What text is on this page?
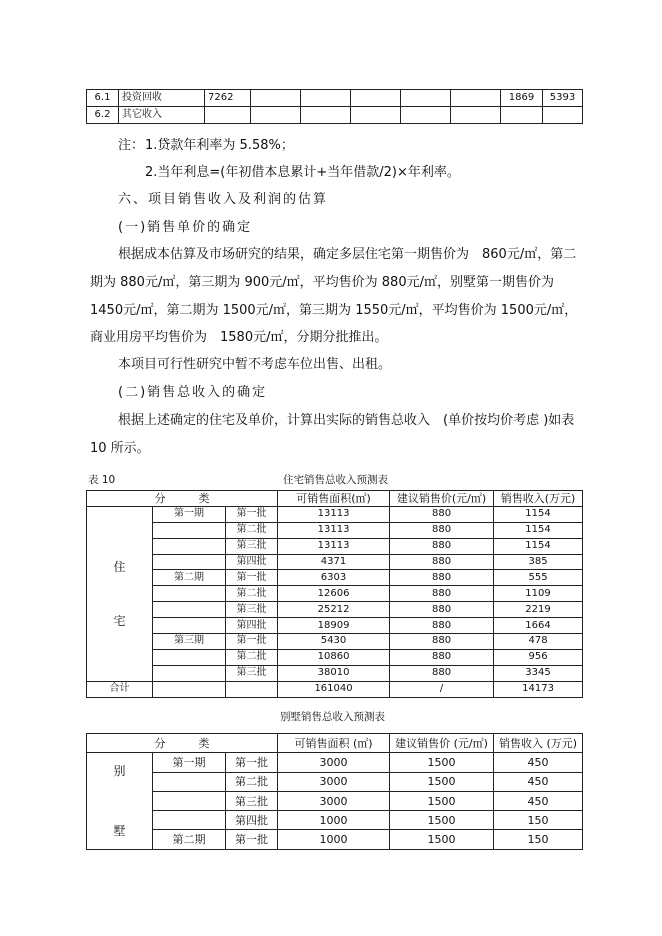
6.1	投资回收	7262						1869	5393
6.2	其它收入								
注： 1.贷款年利率为 5.58%；
2.当年利息=(年初借本息累计+当年借款/2)×年利率。
六、项目销售收入及利润的估算
(一)销售单价的确定
根据成本估算及市场研究的结果，确定多层住宅第一期售价为　860元/㎡，第二
期为 880元/㎡，第三期为 900元/㎡，平均售价为 880元/㎡，别墅第一期售价为
1450元/㎡，第二期为 1500元/㎡，第三期为 1550元/㎡，平均售价为 1500元/㎡，
商业用房平均售价为　1580元/㎡，分期分批推出。
本项目可行性研究中暂不考虑车位出售、出租。
(二)销售总收入的确定
根据上述确定的住宅及单价，计算出实际的销售总收入　(单价按均价考虑 )如表
10 所示。
表 10	住宅销售总收入预测表
分　　　类			可销售面积(㎡)	建议销售价(元/㎡)	销售收入(万元)

住
宅	第一期	第一批	13113	880	1154
		第二批	13113	880	1154
		第三批	13113	880	1154
		第四批	4371	880	385
	第二期	第一批	6303	880	555
		第二批	12606	880	1109
		第三批	25212	880	2219
		第四批	18909	880	1664
	第三期	第一批	5430	880	478
		第二批	10860	880	956
		第三批	38010	880	3345
合计			161040	/	14173
别墅销售总收入预测表
分　　　类			可销售面积 (㎡)	建议销售价 (元/㎡)	销售收入 (万元)

别
墅	第一期	第一批	3000	1500	450
		第二批	3000	1500	450
		第三批	3000	1500	450
		第四批	1000	1500	150
	第二期	第一批	1000	1500	150
